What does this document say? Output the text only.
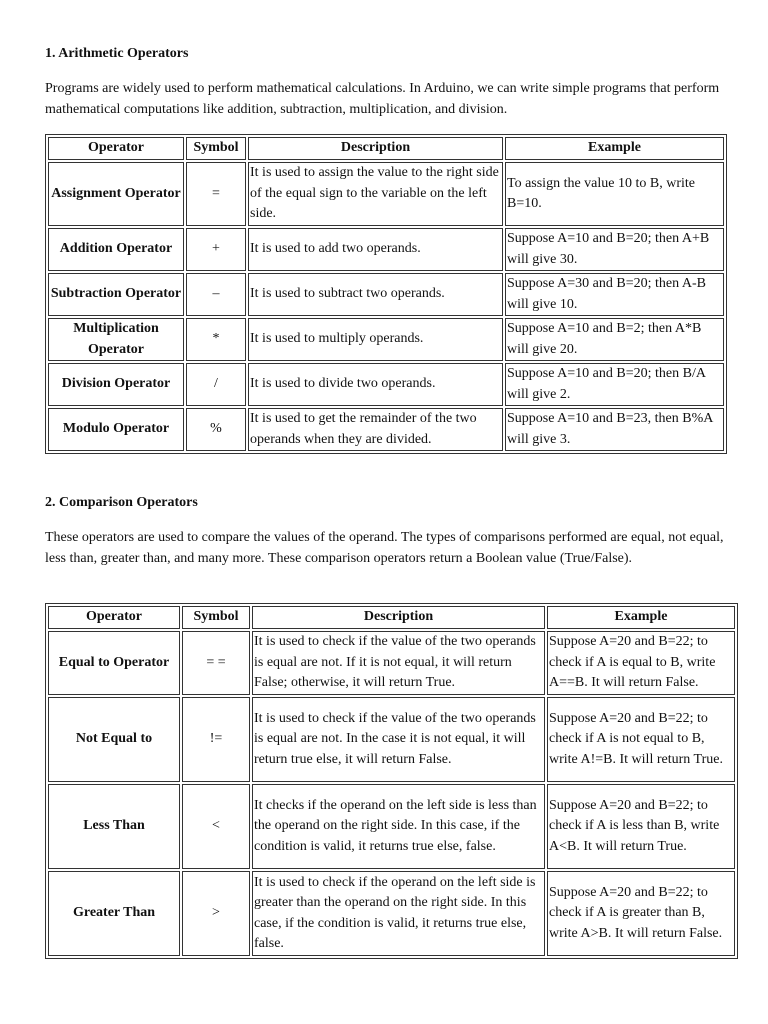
1. Arithmetic Operators

Programs are widely used to perform mathematical calculations. In Arduino, we can write simple programs that perform mathematical computations like addition, subtraction, multiplication, and division.

Operator	Symbol	Description	Example
Assignment Operator	=	It is used to assign the value to the right side of the equal sign to the variable on the left side.	To assign the value 10 to B, write B=10.
Addition Operator	+	It is used to add two operands.	Suppose A=10 and B=20; then A+B will give 30.
Subtraction Operator	–	It is used to subtract two operands.	Suppose A=30 and B=20; then A-B will give 10.
Multiplication Operator	*	It is used to multiply operands.	Suppose A=10 and B=2; then A*B will give 20.
Division Operator	/	It is used to divide two operands.	Suppose A=10 and B=20; then B/A will give 2.
Modulo Operator	%	It is used to get the remainder of the two operands when they are divided.	Suppose A=10 and B=23, then B%A will give 3.
2. Comparison Operators

These operators are used to compare the values of the operand. The types of comparisons performed are equal, not equal, less than, greater than, and many more. These comparison operators return a Boolean value (True/False).

Operator	Symbol	Description	Example
Equal to Operator	= =	It is used to check if the value of the two operands is equal are not. If it is not equal, it will return False; otherwise, it will return True.	Suppose A=20 and B=22; to check if A is equal to B, write A==B. It will return False.
Not Equal to	!=	It is used to check if the value of the two operands is equal are not. In the case it is not equal, it will return true else, it will return False.	Suppose A=20 and B=22; to check if A is not equal to B, write A!=B. It will return True.
Less Than	<	It checks if the operand on the left side is less than the operand on the right side. In this case, if the condition is valid, it returns true else, false.	Suppose A=20 and B=22; to check if A is less than B, write A<B. It will return True.
Greater Than	>	It is used to check if the operand on the left side is greater than the operand on the right side. In this case, if the condition is valid, it returns true else, false.	Suppose A=20 and B=22; to check if A is greater than B, write A>B. It will return False.
